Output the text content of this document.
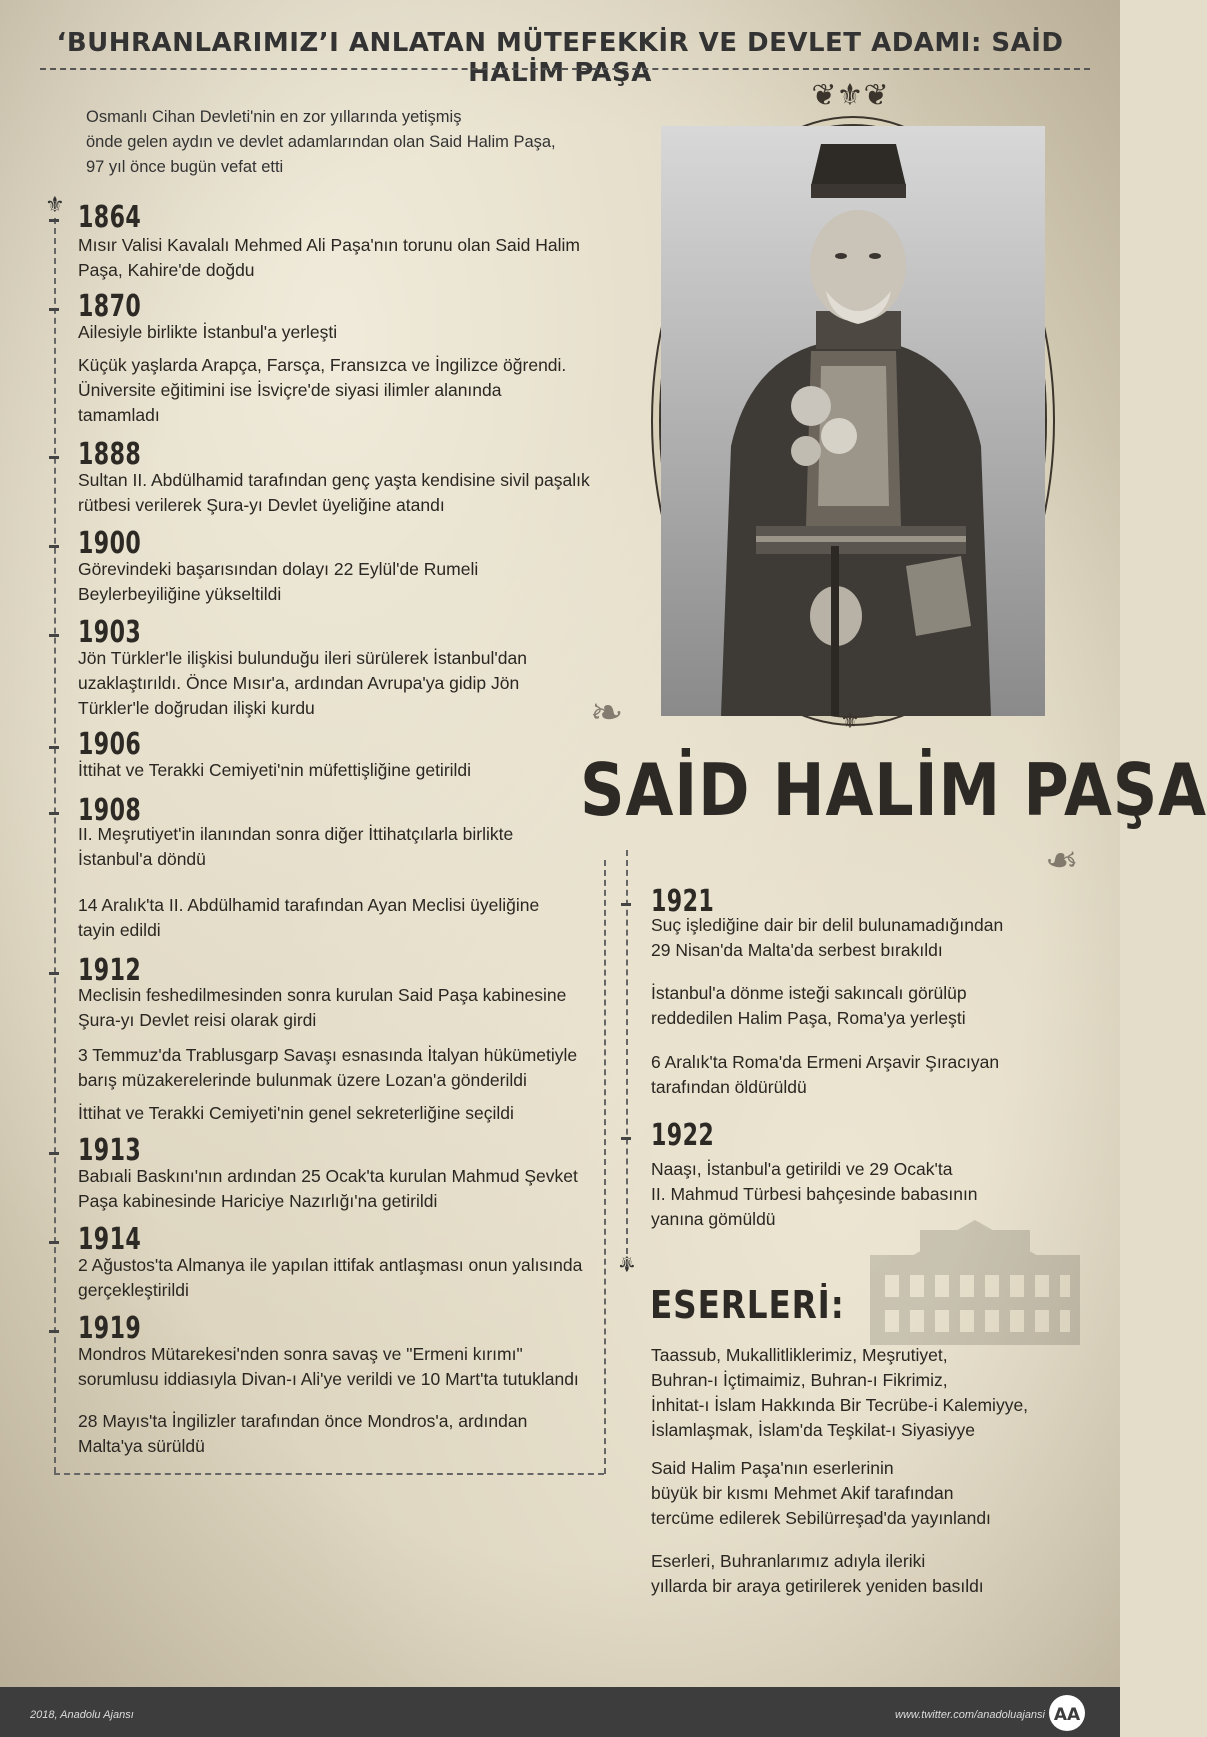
‘BUHRANLARIMIZ’I ANLATAN MÜTEFEKKİR VE DEVLET ADAMI: SAİD HALİM PAŞA
Osmanlı Cihan Devleti'nin en zor yıllarında yetişmiş
önde gelen aydın ve devlet adamlarından olan Said Halim Paşa,
97 yıl önce bugün vefat etti
⚜ 1864
Mısır Valisi Kavalalı Mehmed Ali Paşa'nın torunu olan Said Halim
Paşa, Kahire'de doğdu
1870
Ailesiyle birlikte İstanbul'a yerleşti
Küçük yaşlarda Arapça, Farsça, Fransızca ve İngilizce öğrendi.
Üniversite eğitimini ise İsviçre'de siyasi ilimler alanında
tamamladı
1888
Sultan II. Abdülhamid tarafından genç yaşta kendisine sivil paşalık
rütbesi verilerek Şura-yı Devlet üyeliğine atandı
1900
Görevindeki başarısından dolayı 22 Eylül'de Rumeli
Beylerbeyiliğine yükseltildi
1903
Jön Türkler'le ilişkisi bulunduğu ileri sürülerek İstanbul'dan
uzaklaştırıldı. Önce Mısır'a, ardından Avrupa'ya gidip Jön
Türkler'le doğrudan ilişki kurdu
1906
İttihat ve Terakki Cemiyeti'nin müfettişliğine getirildi
1908
II. Meşrutiyet'in ilanından sonra diğer İttihatçılarla birlikte
İstanbul'a döndü
14 Aralık'ta II. Abdülhamid tarafından Ayan Meclisi üyeliğine
tayin edildi
1912
Meclisin feshedilmesinden sonra kurulan Said Paşa kabinesine
Şura-yı Devlet reisi olarak girdi
3 Temmuz'da Trablusgarp Savaşı esnasında İtalyan hükümetiyle
barış müzakerelerinde bulunmak üzere Lozan'a gönderildi
İttihat ve Terakki Cemiyeti'nin genel sekreterliğine seçildi
1913
Babıali Baskını'nın ardından 25 Ocak'ta kurulan Mahmud Şevket
Paşa kabinesinde Hariciye Nazırlığı'na getirildi
1914
2 Ağustos'ta Almanya ile yapılan ittifak antlaşması onun yalısında
gerçekleştirildi
1919
Mondros Mütarekesi'nden sonra savaş ve "Ermeni kırımı"
sorumlusu iddiasıyla Divan-ı Ali'ye verildi ve 10 Mart'ta tutuklandı
28 Mayıs'ta İngilizler tarafından önce Mondros'a, ardından
Malta'ya sürüldü
❦⚜❦
⚜
❧
❧
SAİD HALİM PAŞA
⚜
1921
Suç işlediğine dair bir delil bulunamadığından
29 Nisan'da Malta'da serbest bırakıldı
İstanbul'a dönme isteği sakıncalı görülüp
reddedilen Halim Paşa, Roma'ya yerleşti
6 Aralık'ta Roma'da Ermeni Arşavir Şıracıyan
tarafından öldürüldü
1922
Naaşı, İstanbul'a getirildi ve 29 Ocak'ta
II. Mahmud Türbesi bahçesinde babasının
yanına gömüldü
ESERLERİ:
Taassub, Mukallitliklerimiz, Meşrutiyet,
Buhran-ı İçtimaimiz, Buhran-ı Fikrimiz,
İnhitat-ı İslam Hakkında Bir Tecrübe-i Kalemiyye,
İslamlaşmak, İslam'da Teşkilat-ı Siyasiyye
Said Halim Paşa'nın eserlerinin
büyük bir kısmı Mehmet Akif tarafından
tercüme edilerek Sebilürreşad'da yayınlandı
Eserleri, Buhranlarımız adıyla ileriki
yıllarda bir araya getirilerek yeniden basıldı
2018, Anadolu Ajansı	www.twitter.com/anadoluajansi AA
